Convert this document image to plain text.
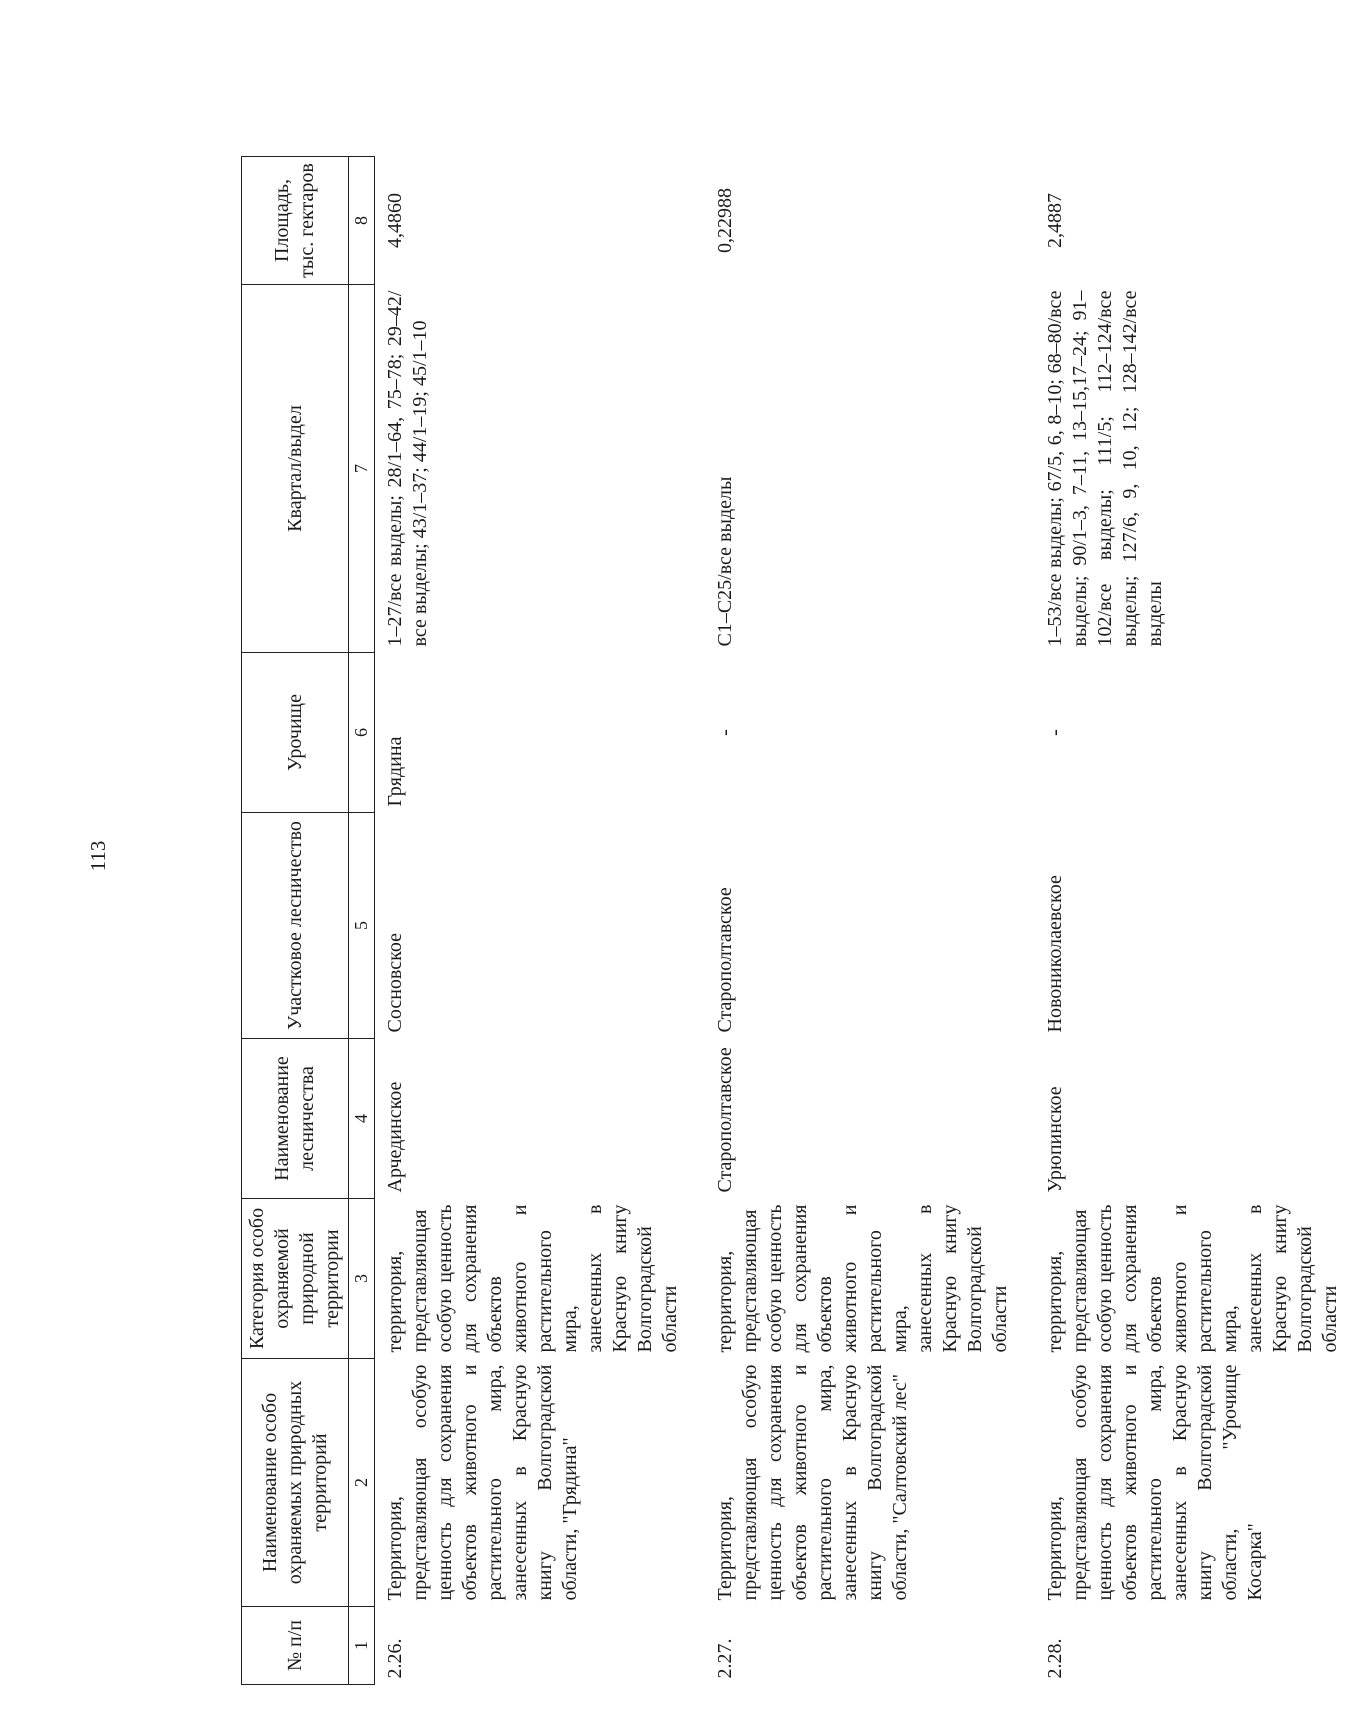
113
№ п/п	Наименование особо охраняемых природных территорий	Категория особо охраняемой природной территории	Наименование лесничества	Участковое лесничество	Урочище	Квартал/выдел	Площадь, тыс. гектаров
1	2	3	4	5	6	7	8
2.26.	Территория, представляющая особую ценность для сохранения объектов животного и растительного мира, занесенных в Красную книгу Волгоградской области, "Грядина"	территория, представляющая особую ценность для сохранения объектов животного и растительного мира, занесенных в Красную книгу Волгоградской области	Арчединское	Сосновское	Грядина	1–27/все выделы; 28/1–64, 75–78; 29–42/все выделы; 43/1–37; 44/1–19; 45/1–10	4,4860
2.27.	Территория, представляющая особую ценность для сохранения объектов животного и растительного мира, занесенных в Красную книгу Волгоградской области, "Салтовский лес"	территория, представляющая особую ценность для сохранения объектов животного и растительного мира, занесенных в Красную книгу Волгоградской области	Старополтавское	Старополтавское	-	С1–С25/все выделы	0,22988
2.28.	Территория, представляющая особую ценность для сохранения объектов животного и растительного мира, занесенных в Красную книгу Волгоградской области, "Урочище Косарка"	территория, представляющая особую ценность для сохранения объектов животного и растительного мира, занесенных в Красную книгу Волгоградской области	Урюпинское	Новониколаевское	-	1–53/все выделы; 67/5, 6, 8–10; 68–80/все выделы; 90/1–3, 7–11, 13–15,17–24; 91–102/все выделы; 111/5; 112–124/все выделы; 127/6, 9, 10, 12; 128–142/все выделы	2,4887
